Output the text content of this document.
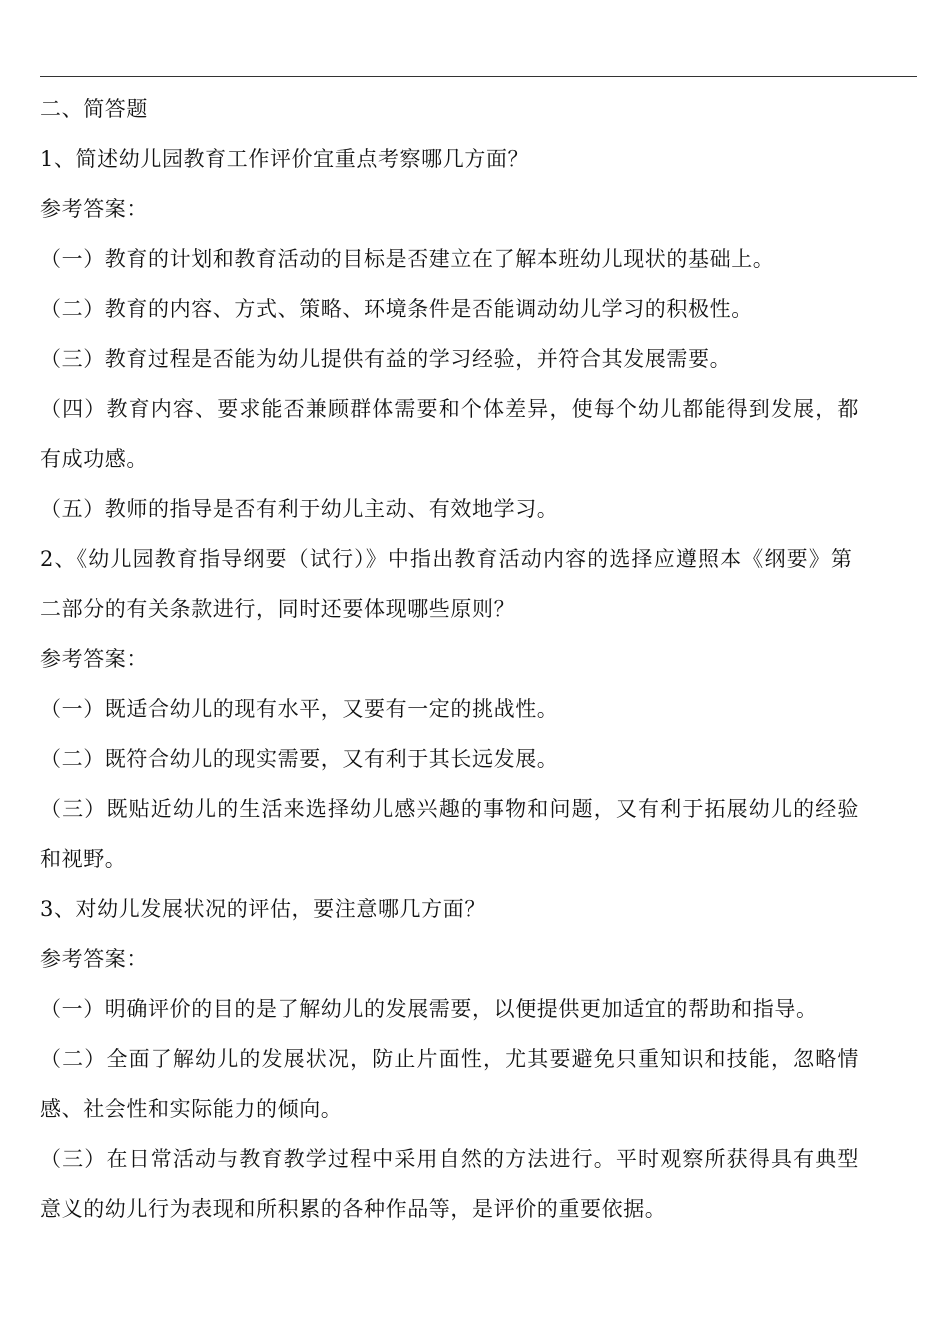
二、简答题
1、简述幼儿园教育工作评价宜重点考察哪几方面？
参考答案：
（一）教育的计划和教育活动的目标是否建立在了解本班幼儿现状的基础上。
（二）教育的内容、方式、策略、环境条件是否能调动幼儿学习的积极性。
（三）教育过程是否能为幼儿提供有益的学习经验，并符合其发展需要。
（四）教育内容、要求能否兼顾群体需要和个体差异，使每个幼儿都能得到发展，都
有成功感。
（五）教师的指导是否有利于幼儿主动、有效地学习。
2、《幼儿园教育指导纲要（试行）》中指出教育活动内容的选择应遵照本《纲要》第
二部分的有关条款进行，同时还要体现哪些原则？
参考答案：
（一）既适合幼儿的现有水平，又要有一定的挑战性。
（二）既符合幼儿的现实需要，又有利于其长远发展。
（三）既贴近幼儿的生活来选择幼儿感兴趣的事物和问题，又有利于拓展幼儿的经验
和视野。
3、对幼儿发展状况的评估，要注意哪几方面？
参考答案：
（一）明确评价的目的是了解幼儿的发展需要，以便提供更加适宜的帮助和指导。
（二）全面了解幼儿的发展状况，防止片面性，尤其要避免只重知识和技能，忽略情
感、社会性和实际能力的倾向。
（三）在日常活动与教育教学过程中采用自然的方法进行。平时观察所获得具有典型
意义的幼儿行为表现和所积累的各种作品等，是评价的重要依据。
